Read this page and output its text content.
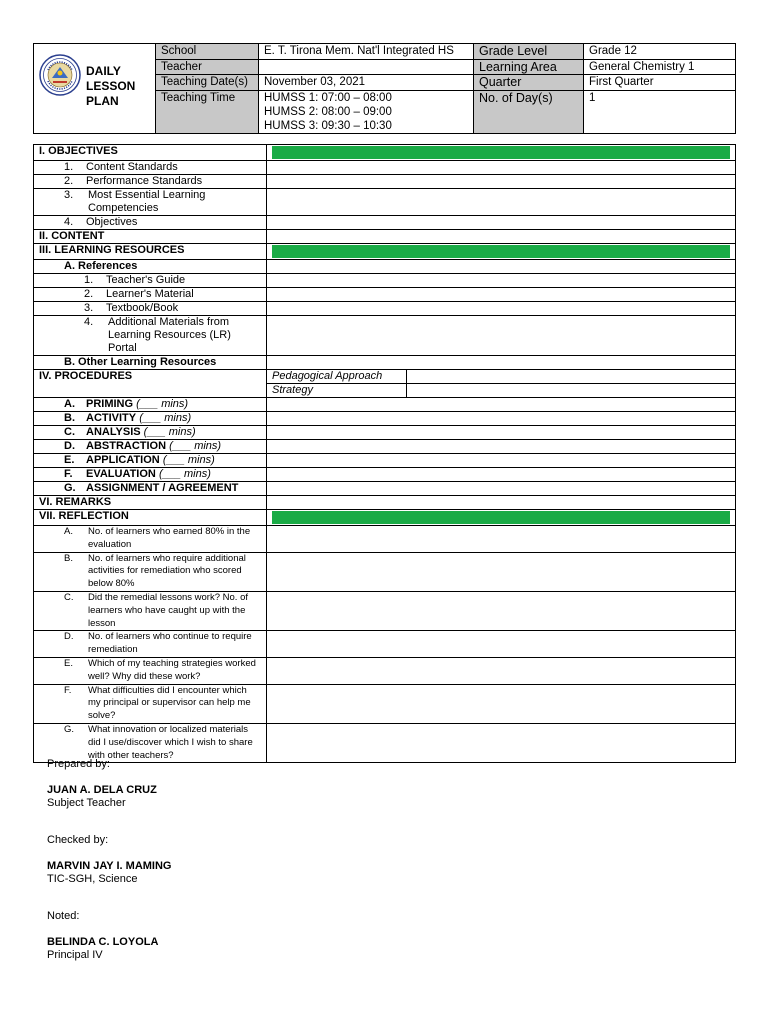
DAILY
LESSON
PLAN	School	E. T. Tirona Mem. Nat'l Integrated HS	Grade Level	Grade 12
	Teacher		Learning Area	General Chemistry 1
	Teaching Date(s)	November 03, 2021	Quarter	First Quarter
	Teaching Time	HUMSS 1: 07:00 – 08:00
HUMSS 2: 08:00 – 09:00
HUMSS 3: 09:30 – 10:30	No. of Day(s)	1
I. OBJECTIVES	

1. Content Standards	
2. Performance Standards	

3. Most Essential Learning Competencies	

4. Objectives	
II. CONTENT	
III. LEARNING RESOURCES	

A. References	
1. Teacher's Guide	
2. Learner's Material	
3. Textbook/Book	

4. Additional Materials from Learning Resources (LR) Portal	

B. Other Learning Resources	
IV. PROCEDURES	Pedagogical Approach

	Strategy

A. PRIMING (___ mins)	
B. ACTIVITY (___ mins)	
C. ANALYSIS (___ mins)	
D. ABSTRACTION (___ mins)	
E. APPLICATION (___ mins)	
F. EVALUATION (___ mins)	
G. ASSIGNMENT / AGREEMENT	
VI. REMARKS	
VII. REFLECTION	

A. No. of learners who earned 80% in the evaluation	

B. No. of learners who require additional activities for remediation who scored below 80%	

C. Did the remedial lessons work? No. of learners who have caught up with the lesson	

D. No. of learners who continue to require remediation	

E. Which of my teaching strategies worked well? Why did these work?	

F. What difficulties did I encounter which my principal or supervisor can help me solve?	

G. What innovation or localized materials did I use/discover which I wish to share with other teachers?	

Prepared by:
JUAN A. DELA CRUZ
Subject Teacher
Checked by:
MARVIN JAY I. MAMING
TIC-SGH, Science
Noted:
BELINDA C. LOYOLA
Principal IV
